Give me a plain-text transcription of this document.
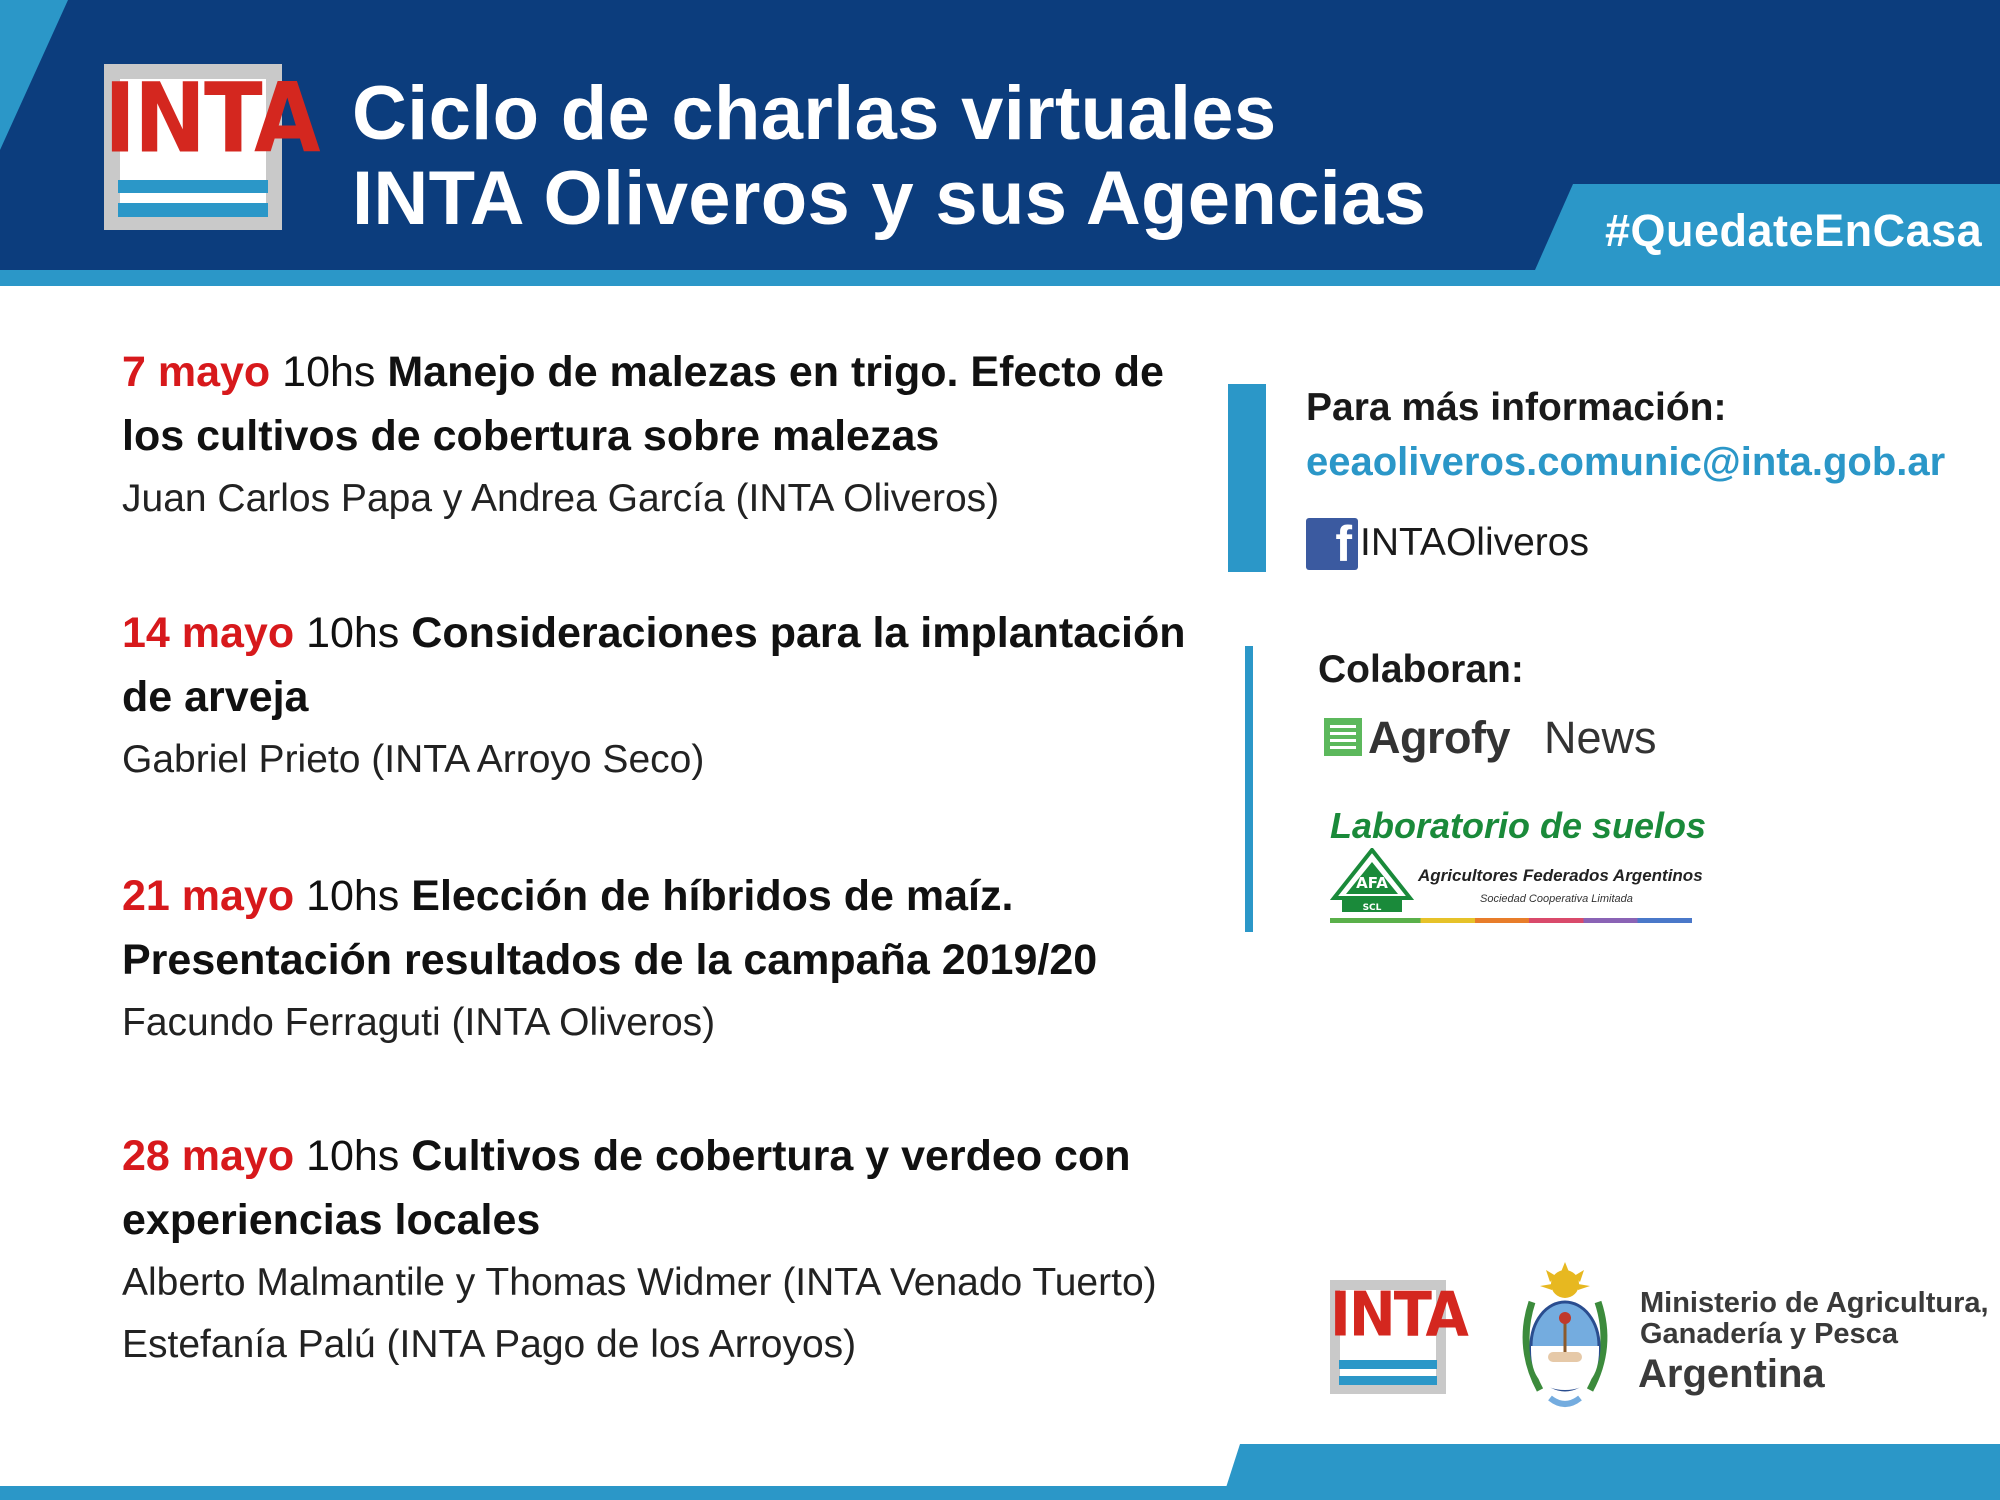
#QuedateEnCasa
INTA Ciclo de charlas virtuales
INTA Oliveros y sus Agencias
7 mayo 10hs Manejo de malezas en trigo. Efecto de los cultivos de cobertura sobre malezas
Juan Carlos Papa y Andrea García (INTA Oliveros)
14 mayo 10hs Consideraciones para la implantación de arveja
Gabriel Prieto (INTA Arroyo Seco)
21 mayo 10hs Elección de híbridos de maíz. Presentación resultados de la campaña 2019/20
Facundo Ferraguti (INTA Oliveros)
28 mayo 10hs Cultivos de cobertura y verdeo con experiencias locales
Alberto Malmantile y Thomas Widmer (INTA Venado Tuerto)
Estefanía Palú (INTA Pago de los Arroyos)
Para más información:
eeaoliveros.comunic@inta.gob.ar
f INTAOliveros
Colaboran:
Agrofy News
Laboratorio de suelos
AFA
SCL
Agricultores Federados Argentinos
Sociedad Cooperativa Limitada
INTA	Ministerio de Agricultura,
Ganadería y Pesca
Argentina
